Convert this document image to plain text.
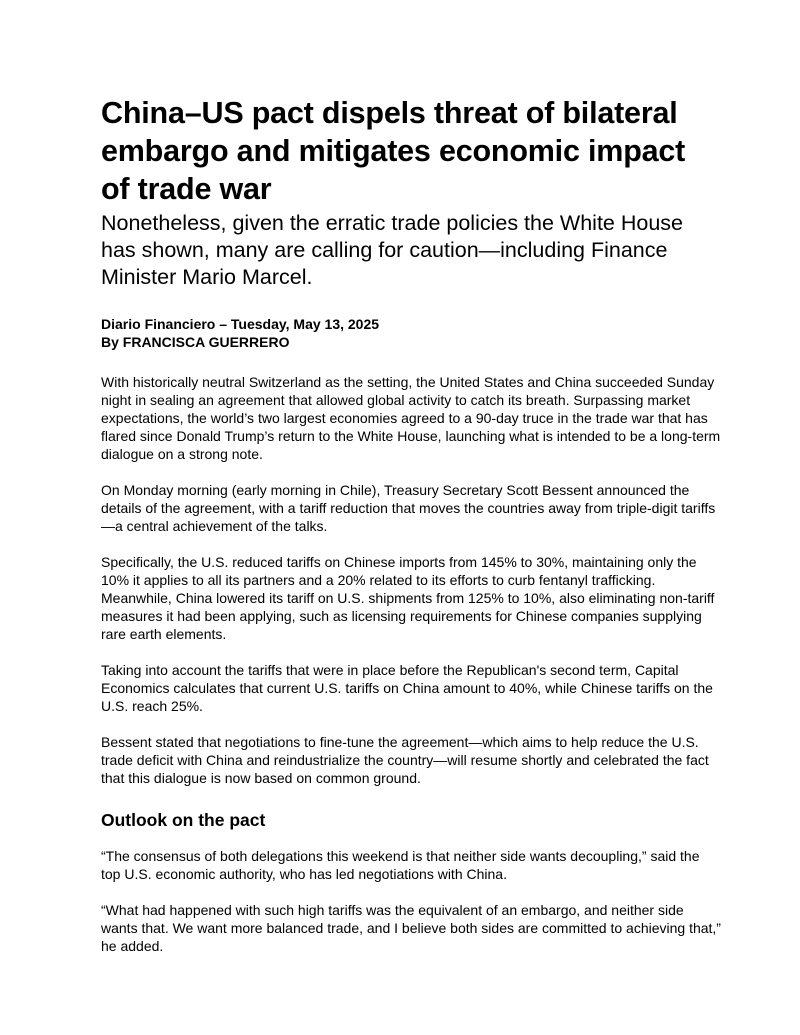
China–US pact dispels threat of bilateral embargo and mitigates economic impact of trade war
Nonetheless, given the erratic trade policies the White House has shown, many are calling for caution—including Finance Minister Mario Marcel.
Diario Financiero – Tuesday, May 13, 2025
By FRANCISCA GUERRERO

With historically neutral Switzerland as the setting, the United States and China succeeded Sunday night in sealing an agreement that allowed global activity to catch its breath. Surpassing market expectations, the world’s two largest economies agreed to a 90-day truce in the trade war that has flared since Donald Trump’s return to the White House, launching what is intended to be a long-term dialogue on a strong note.

On Monday morning (early morning in Chile), Treasury Secretary Scott Bessent announced the details of the agreement, with a tariff reduction that moves the countries away from triple-digit tariffs—a central achievement of the talks.

Specifically, the U.S. reduced tariffs on Chinese imports from 145% to 30%, maintaining only the 10% it applies to all its partners and a 20% related to its efforts to curb fentanyl trafficking. Meanwhile, China lowered its tariff on U.S. shipments from 125% to 10%, also eliminating non-tariff measures it had been applying, such as licensing requirements for Chinese companies supplying rare earth elements.

Taking into account the tariffs that were in place before the Republican's second term, Capital Economics calculates that current U.S. tariffs on China amount to 40%, while Chinese tariffs on the U.S. reach 25%.

Bessent stated that negotiations to fine-tune the agreement—which aims to help reduce the U.S. trade deficit with China and reindustrialize the country—will resume shortly and celebrated the fact that this dialogue is now based on common ground.

Outlook on the pact

“The consensus of both delegations this weekend is that neither side wants decoupling,” said the top U.S. economic authority, who has led negotiations with China.

“What had happened with such high tariffs was the equivalent of an embargo, and neither side wants that. We want more balanced trade, and I believe both sides are committed to achieving that,” he added.
